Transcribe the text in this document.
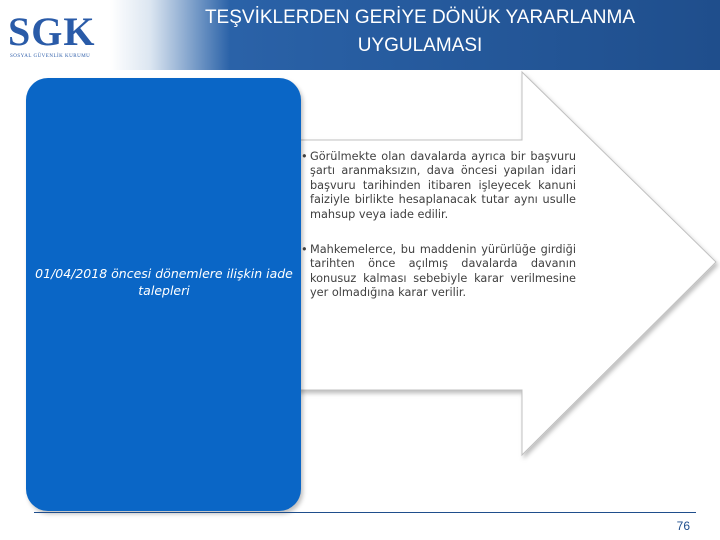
SGK
SOSYAL GÜVENLİK KURUMU
TEŞVİKLERDEN GERİYE DÖNÜK YARARLANMA
UYGULAMASI
01/04/2018 öncesi dönemlere ilişkin iade talepleri
• Görülmekte olan davalarda ayrıca bir başvuru şartı aranmaksızın, dava öncesi yapılan idari başvuru tarihinden itibaren işleyecek kanuni faiziyle birlikte hesaplanacak tutar aynı usulle mahsup veya iade edilir.
• Mahkemelerce, bu maddenin yürürlüğe girdiği tarihten önce açılmış davalarda davanın konusuz kalması sebebiyle karar verilmesine yer olmadığına karar verilir.
76
